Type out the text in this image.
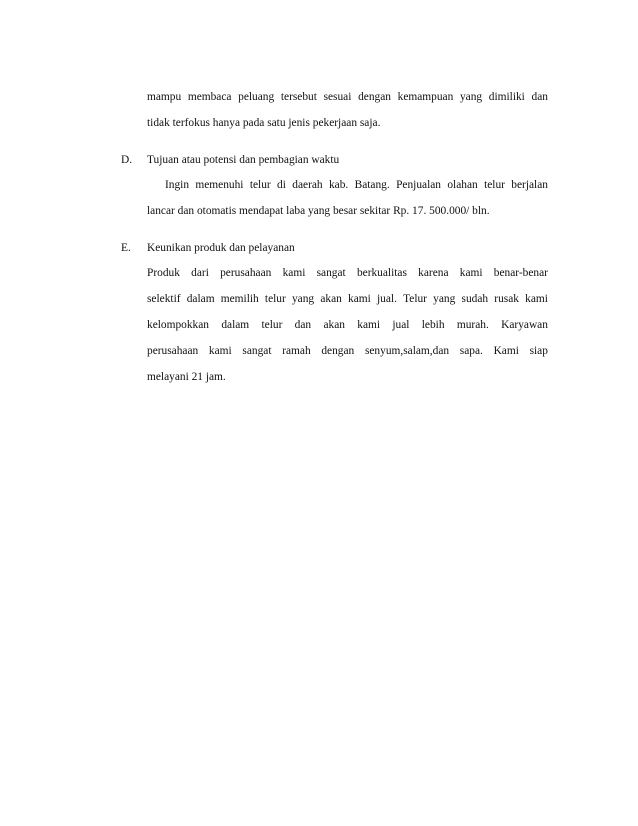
mampu membaca peluang tersebut sesuai dengan kemampuan yang dimiliki dan
tidak terfokus hanya pada satu jenis pekerjaan saja.
D. Tujuan atau potensi dan pembagian waktu
Ingin memenuhi telur di daerah kab. Batang. Penjualan olahan telur berjalan
lancar dan otomatis mendapat laba yang besar sekitar Rp. 17. 500.000/ bln.
E. Keunikan produk dan pelayanan
Produk dari perusahaan kami sangat berkualitas karena kami benar-benar
selektif dalam memilih telur yang akan kami jual. Telur yang sudah rusak kami
kelompokkan dalam telur dan akan kami jual lebih murah. Karyawan
perusahaan kami sangat ramah dengan senyum,salam,dan sapa. Kami siap
melayani 21 jam.
